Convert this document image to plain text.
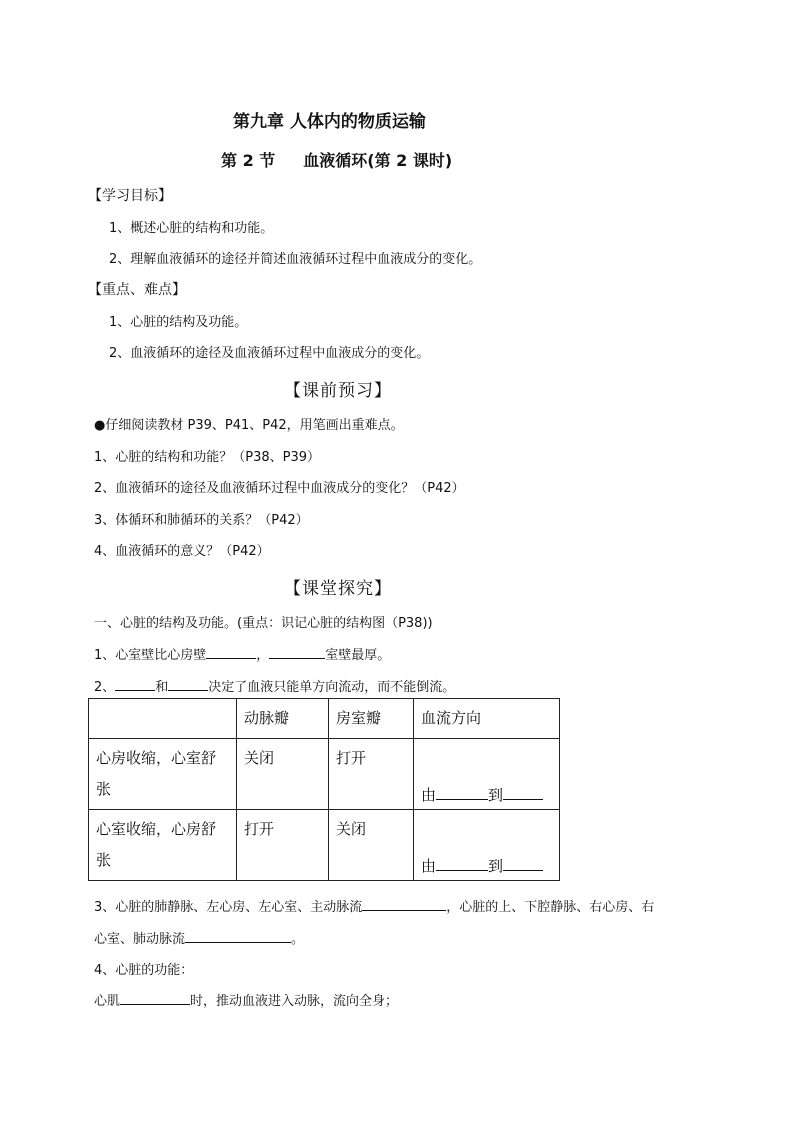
第九章 人体内的物质运输
第 2 节 血液循环(第 2 课时)
【学习目标】
1、概述心脏的结构和功能。
2、理解血液循环的途径并简述血液循环过程中血液成分的变化。
【重点、难点】
1、心脏的结构及功能。
2、血液循环的途径及血液循环过程中血液成分的变化。
【课前预习】
●仔细阅读教材 P39、P41、P42，用笔画出重难点。
1、心脏的结构和功能？（P38、P39）
2、血液循环的途径及血液循环过程中血液成分的变化？（P42）
3、体循环和肺循环的关系？（P42）
4、血液循环的意义？（P42）
【课堂探究】
一、心脏的结构及功能。(重点：识记心脏的结构图（P38))
1、心室壁比心房壁	，	室壁最厚。
2、	和	决定了血液只能单方向流动，而不能倒流。
	动脉瓣	房室瓣	血流方向
心房收缩，心室舒张	关闭	打开	由 到

心室收缩，心房舒张	打开	关闭	由 到
3、心脏的肺静脉、左心房、左心室、主动脉流	，心脏的上、下腔静脉、右心房、右
心室、肺动脉流	。
4、心脏的功能：
心肌	时，推动血液进入动脉，流向全身；
